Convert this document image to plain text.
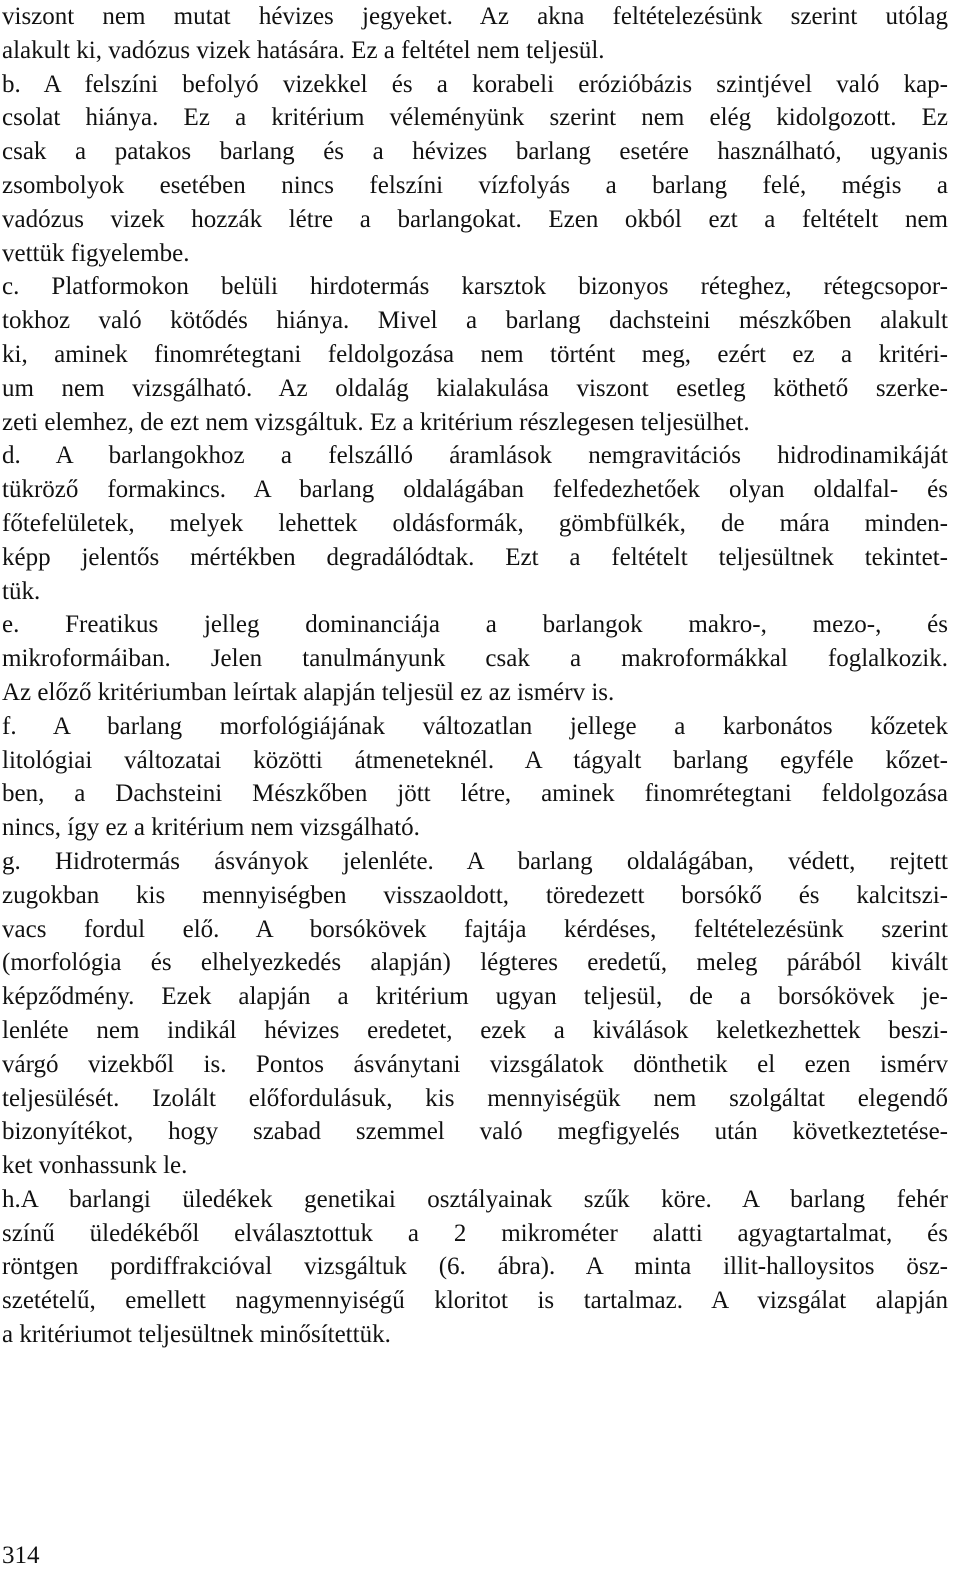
viszont nem mutat hévizes jegyeket. Az akna feltételezésünk szerint utólag
alakult ki, vadózus vizek hatására. Ez a feltétel nem teljesül.

b. A felszíni befolyó vizekkel és a korabeli erózióbázis szintjével való kap-
csolat hiánya. Ez a kritérium véleményünk szerint nem elég kidolgozott. Ez
csak a patakos barlang és a hévizes barlang esetére használható, ugyanis
zsombolyok esetében nincs felszíni vízfolyás a barlang felé, mégis a
vadózus vizek hozzák létre a barlangokat. Ezen okból ezt a feltételt nem
vettük figyelembe.

c. Platformokon belüli hirdotermás karsztok bizonyos réteghez, rétegcsopor-
tokhoz való kötődés hiánya. Mivel a barlang dachsteini mészkőben alakult
ki, aminek finomrétegtani feldolgozása nem történt meg, ezért ez a kritéri-
um nem vizsgálható. Az oldalág kialakulása viszont esetleg köthető szerke-
zeti elemhez, de ezt nem vizsgáltuk. Ez a kritérium részlegesen teljesülhet.

d. A barlangokhoz a felszálló áramlások nemgravitációs hidrodinamikáját
tükröző formakincs. A barlang oldalágában felfedezhetőek olyan oldalfal- és
főtefelületek, melyek lehettek oldásformák, gömbfülkék, de mára minden-
képp jelentős mértékben degradálódtak. Ezt a feltételt teljesültnek tekintet-
tük.

e. Freatikus jelleg dominanciája a barlangok makro-, mezo-, és
mikroformáiban. Jelen tanulmányunk csak a makroformákkal foglalkozik.
Az előző kritériumban leírtak alapján teljesül ez az ismérv is.

f. A barlang morfológiájának változatlan jellege a karbonátos kőzetek
litológiai változatai közötti átmeneteknél. A tágyalt barlang egyféle kőzet-
ben, a Dachsteini Mészkőben jött létre, aminek finomrétegtani feldolgozása
nincs, így ez a kritérium nem vizsgálható.

g. Hidrotermás ásványok jelenléte. A barlang oldalágában, védett, rejtett
zugokban kis mennyiségben visszaoldott, töredezett borsókő és kalcitszi-
vacs fordul elő. A borsókövek fajtája kérdéses, feltételezésünk szerint
(morfológia és elhelyezkedés alapján) légteres eredetű, meleg párából kivált
képződmény. Ezek alapján a kritérium ugyan teljesül, de a borsókövek je-
lenléte nem indikál hévizes eredetet, ezek a kiválások keletkezhettek beszi-
várgó vizekből is. Pontos ásványtani vizsgálatok dönthetik el ezen ismérv
teljesülését. Izolált előfordulásuk, kis mennyiségük nem szolgáltat elegendő
bizonyítékot, hogy szabad szemmel való megfigyelés után következtetése-
ket vonhassunk le.

h.A barlangi üledékek genetikai osztályainak szűk köre. A barlang fehér
színű üledékéből elválasztottuk a 2 mikrométer alatti agyagtartalmat, és
röntgen pordiffrakcióval vizsgáltuk (6. ábra). A minta illit-halloysitos ösz-
szetételű, emellett nagymennyiségű kloritot is tartalmaz. A vizsgálat alapján
a kritériumot teljesültnek minősítettük.

314
